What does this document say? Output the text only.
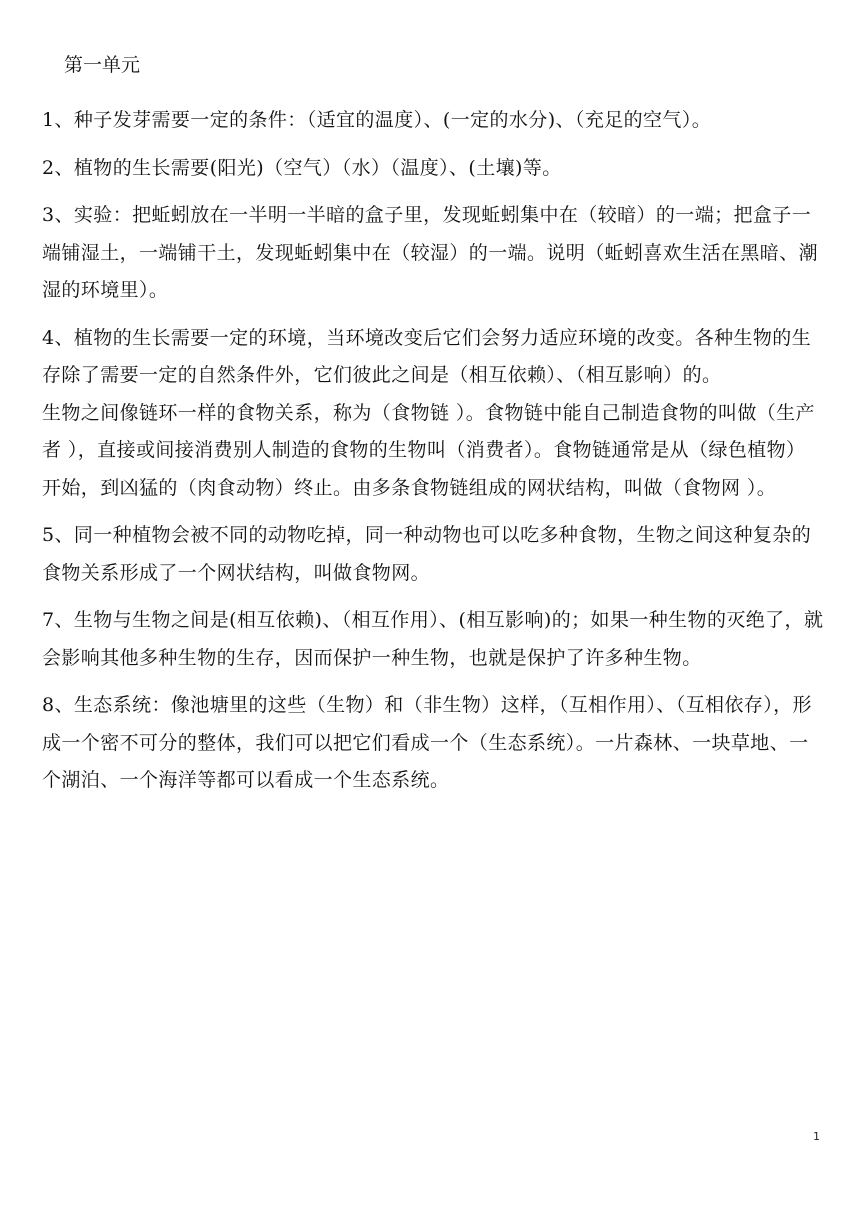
第一单元

1、种子发芽需要一定的条件：（适宜的温度）、(一定的水分)、（充足的空气）。

2、植物的生长需要(阳光)（空气）（水）（温度）、(土壤)等。

3、实验：把蚯蚓放在一半明一半暗的盒子里，发现蚯蚓集中在（较暗）的一端；把盒子一端铺湿土，一端铺干土，发现蚯蚓集中在（较湿）的一端。说明（蚯蚓喜欢生活在黑暗、潮湿的环境里）。

4、植物的生长需要一定的环境，当环境改变后它们会努力适应环境的改变。各种生物的生存除了需要一定的自然条件外，它们彼此之间是（相互依赖）、（相互影响）的。

生物之间像链环一样的食物关系，称为（食物链 ）。食物链中能自己制造食物的叫做（生产者 ），直接或间接消费别人制造的食物的生物叫（消费者）。食物链通常是从（绿色植物）开始，到凶猛的（肉食动物）终止。由多条食物链组成的网状结构，叫做（食物网 ）。

5、同一种植物会被不同的动物吃掉，同一种动物也可以吃多种食物，生物之间这种复杂的食物关系形成了一个网状结构，叫做食物网。

7、生物与生物之间是(相互依赖)、（相互作用）、(相互影响)的；如果一种生物的灭绝了，就会影响其他多种生物的生存，因而保护一种生物，也就是保护了许多种生物。

8、生态系统：像池塘里的这些（生物）和（非生物）这样，（互相作用）、（互相依存），形成一个密不可分的整体，我们可以把它们看成一个（生态系统）。一片森林、一块草地、一个湖泊、一个海洋等都可以看成一个生态系统。

1
